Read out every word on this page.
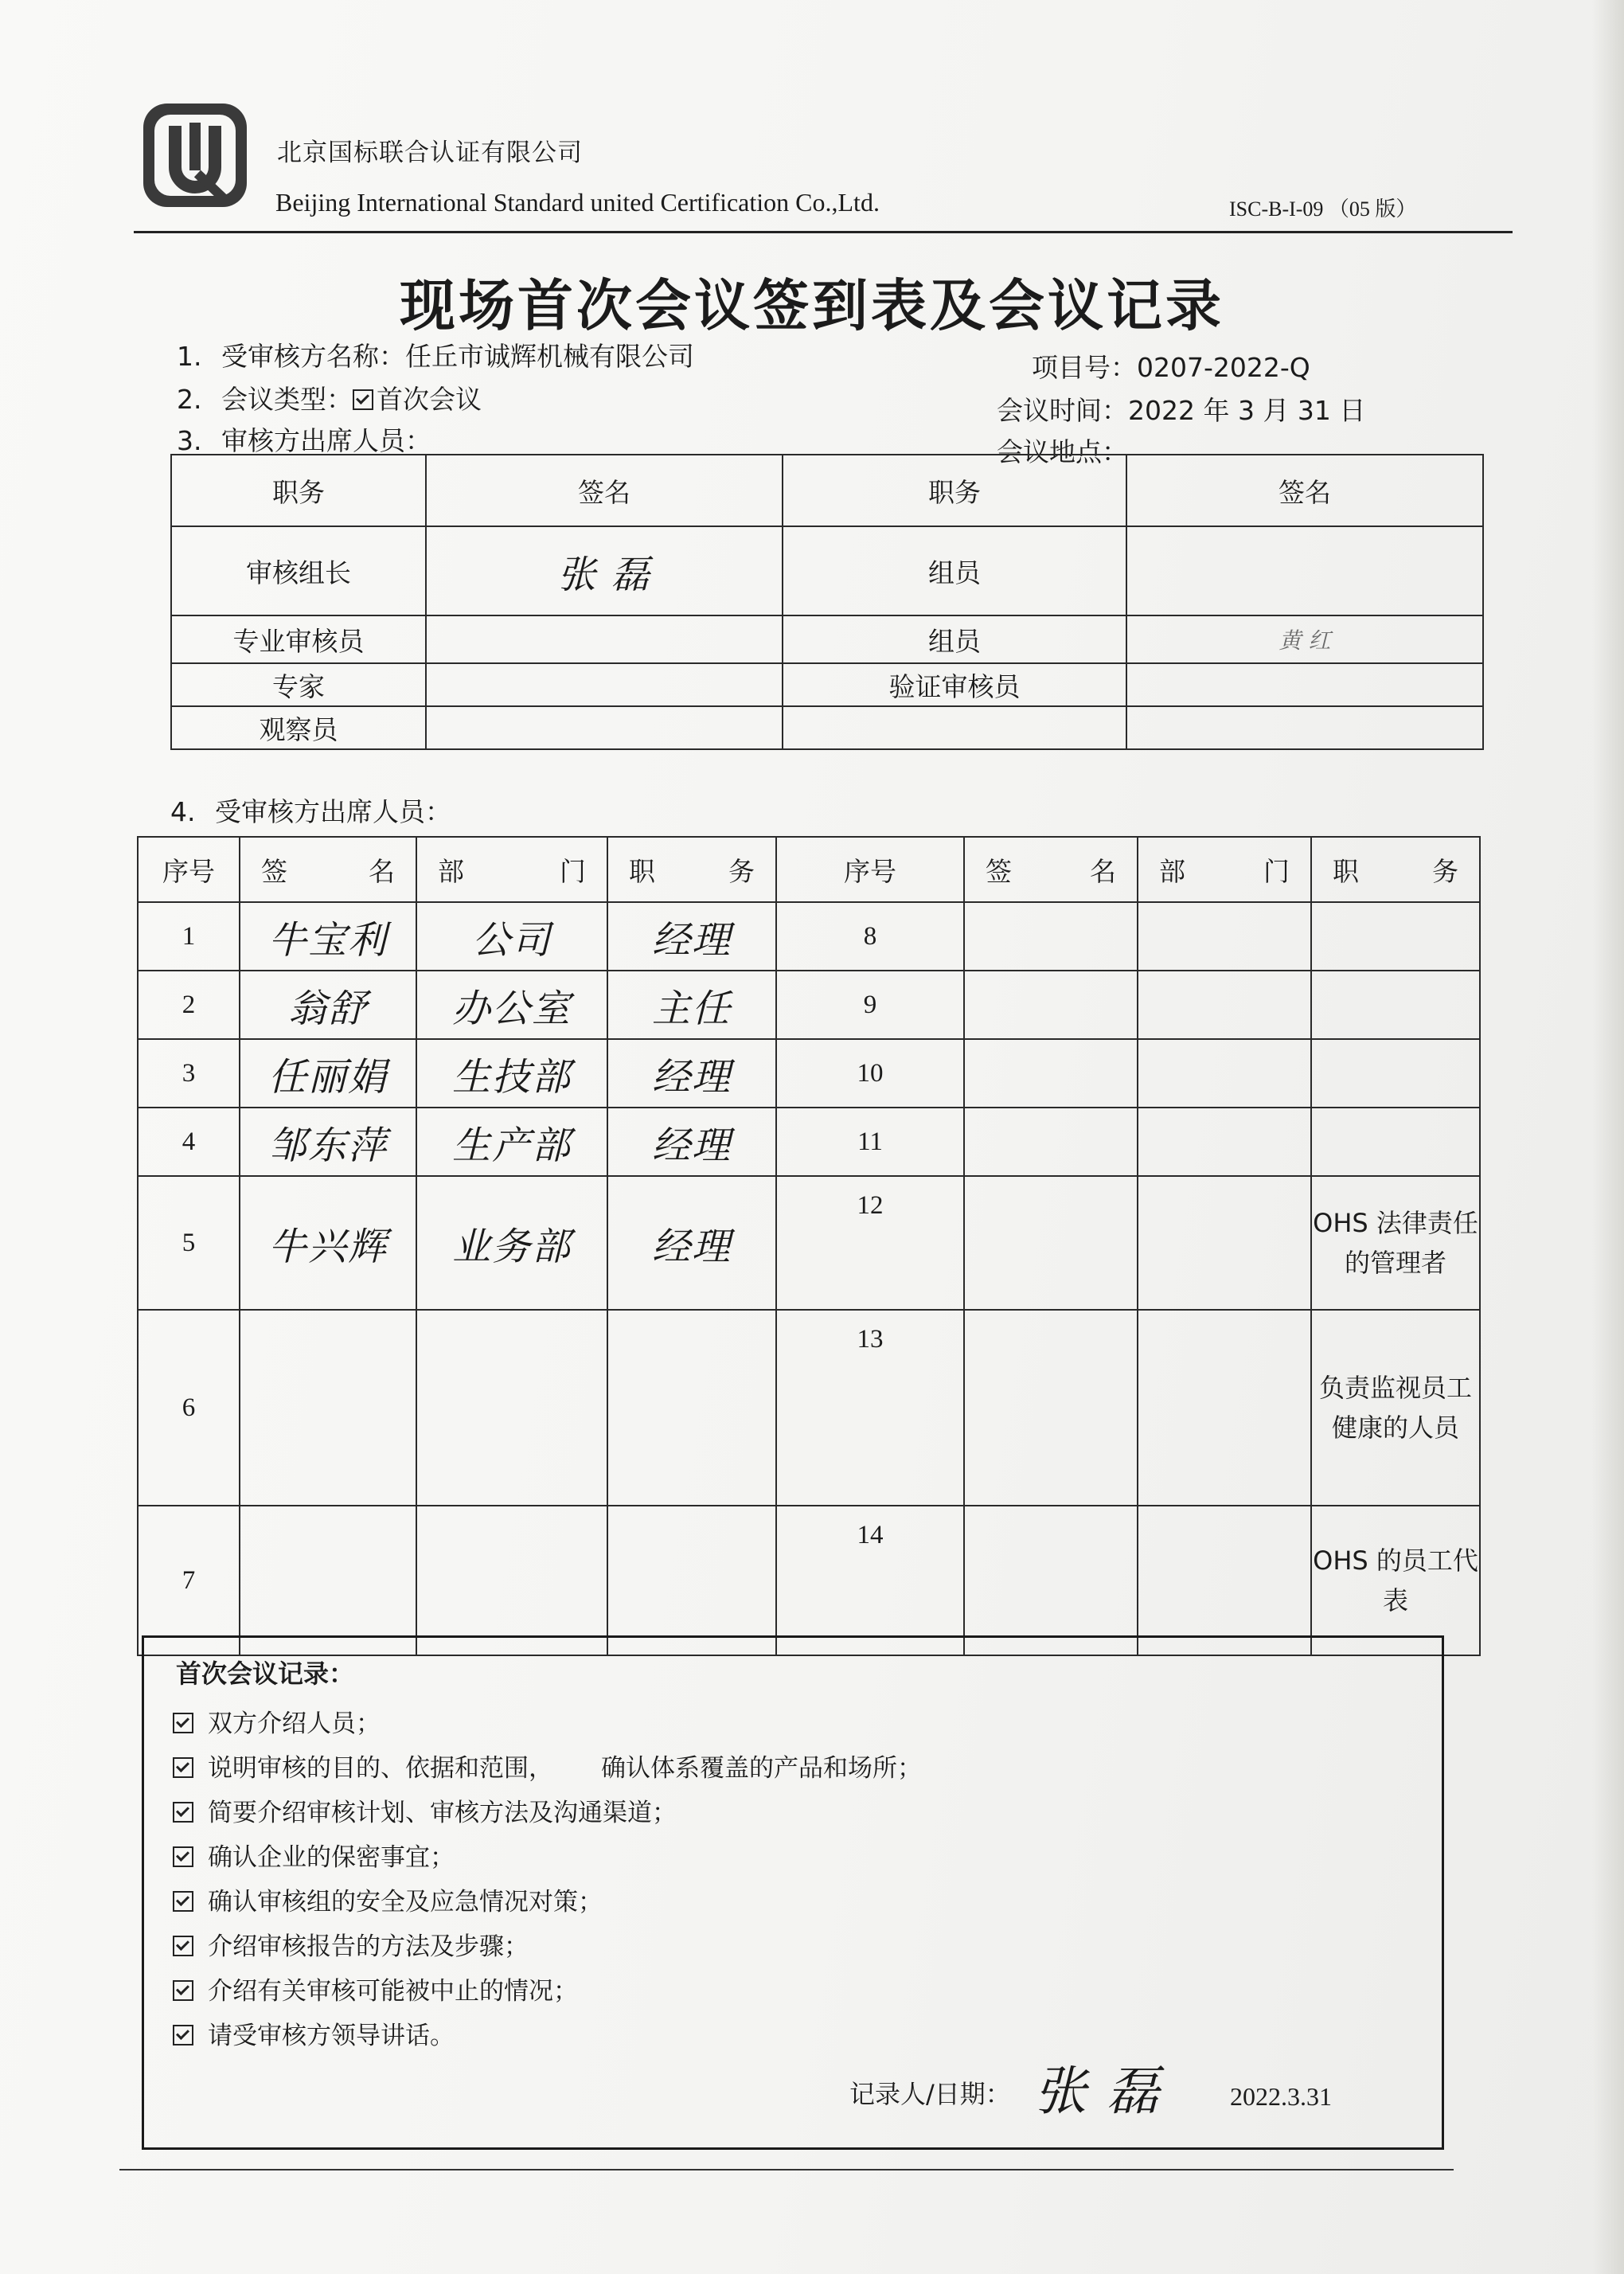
北京国标联合认证有限公司
Beijing International Standard united Certification Co.,Ltd.	ISC-B-I-09 （05 版）
现场首次会议签到表及会议记录
1. 受审核方名称：任丘市诚辉机械有限公司	项目号：0207-2022-Q
2. 会议类型： 首次会议	会议时间：2022 年 3 月 31 日
3. 审核方出席人员：	会议地点：
职务	签名	职务	签名
审核组长	张 磊	组员	
专业审核员		组员	黄 红
专家		验证审核员	
观察员			
4. 受审核方出席人员：
序号	签　　名	部　　门	职　　务	序号	签　　名	部　　门	职　　务
1	牛宝利	公司	经理	8			
2	翁舒	办公室	主任	9			
3	任丽娟	生技部	经理	10			
4	邹东萍	生产部	经理	11			
5	牛兴辉	业务部	经理	12			OHS 法律责任的管理者
6				13			负责监视员工健康的人员
7				14			OHS 的员工代表
首次会议记录：
双方介绍人员；
说明审核的目的、依据和范围， 确认体系覆盖的产品和场所；
简要介绍审核计划、审核方法及沟通渠道；
确认企业的保密事宜；
确认审核组的安全及应急情况对策；
介绍审核报告的方法及步骤；
介绍有关审核可能被中止的情况；
请受审核方领导讲话。
记录人/日期： 张 磊	2022.3.31
